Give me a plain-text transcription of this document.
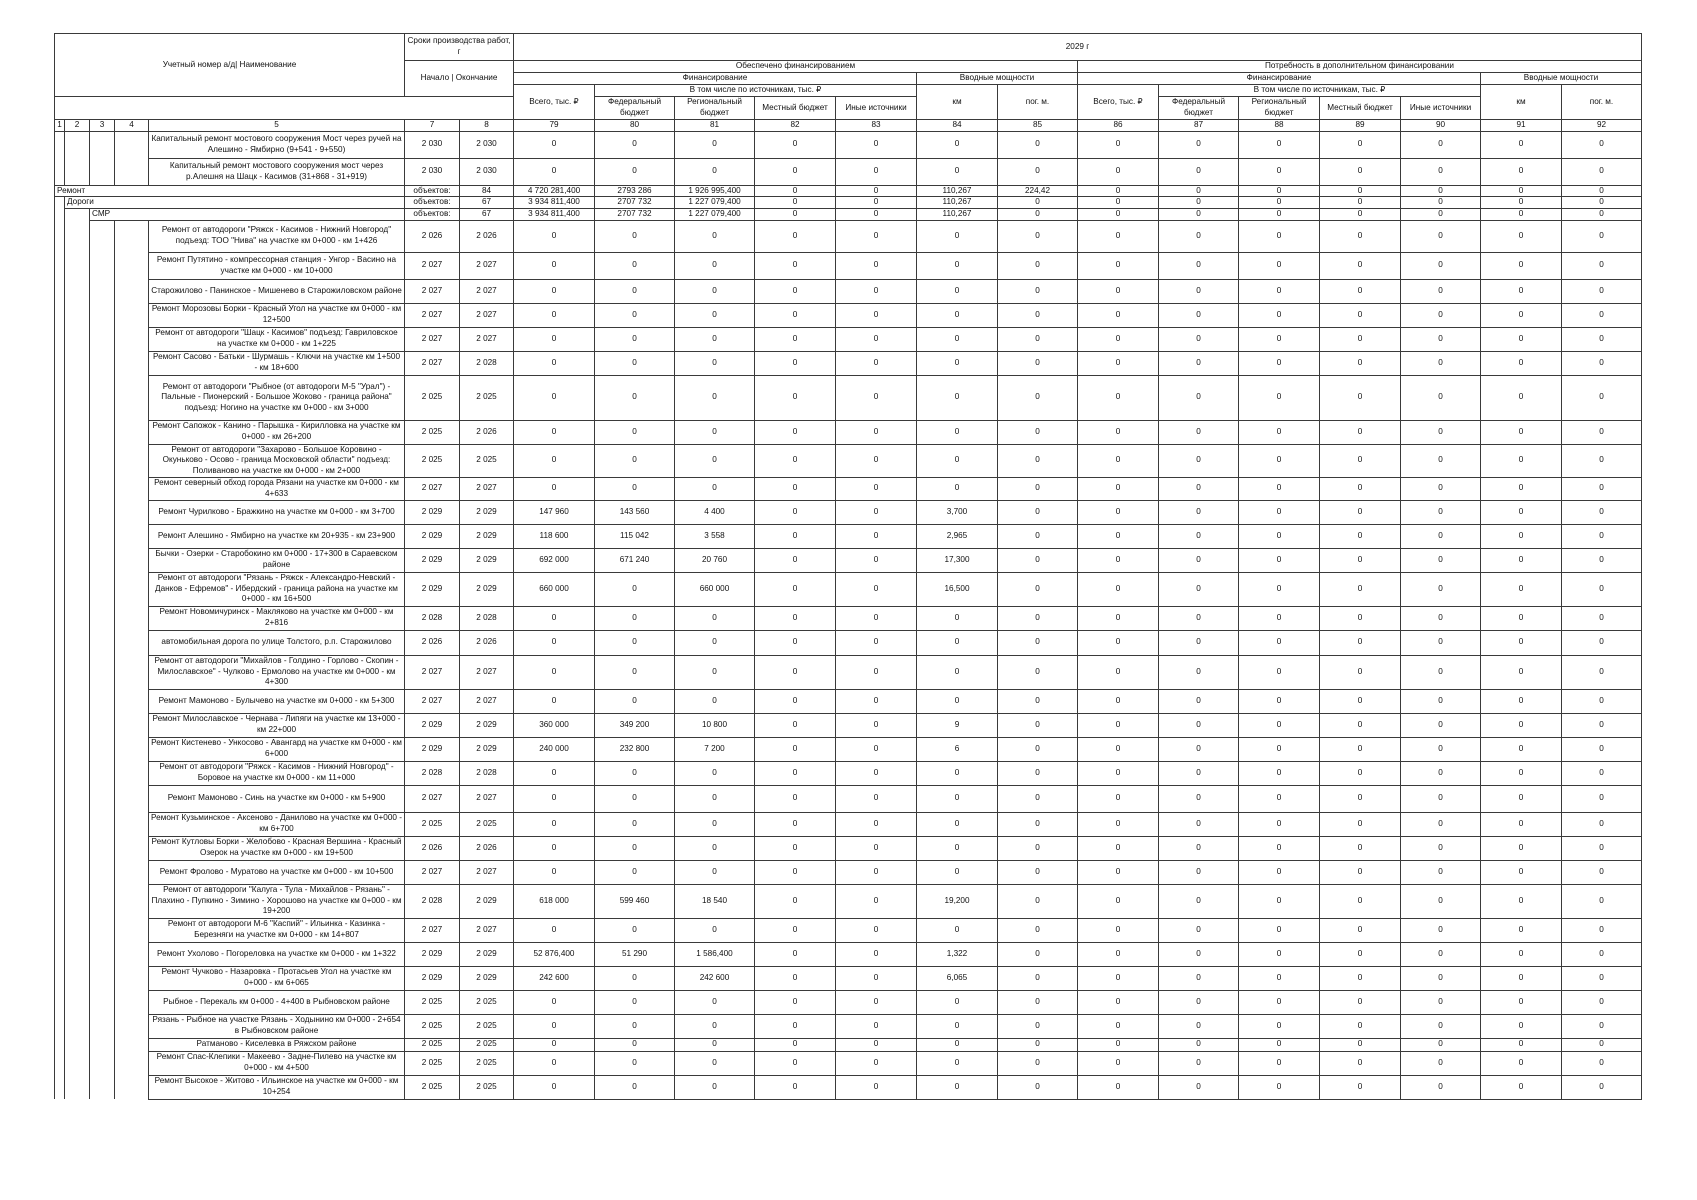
Учетный номер а/д| Наименование					Сроки производства работ, г		2029 г													
					Начало | Окончание		Обеспечено финансированием							Потребность в дополнительном финансировании						
							Финансирование					Вводные мощности		Финансирование					Вводные мощности	
							Всего, тыс. ₽	В том числе по источникам, тыс. ₽				км	пог. м.	Всего, тыс. ₽	В том числе по источникам, тыс. ₽				км	пог. м.
								Федеральный бюджет	Региональный бюджет	Местный бюджет	Иные источники				Федеральный бюджет	Региональный бюджет	Местный бюджет	Иные источники		
1	2	3	4	5	7	8	79	80	81	82	83	84	85	86	87	88	89	90	91	92
				Капитальный ремонт мостового сооружения Мост через ручей на Алешино - Ямбирно (9+541 - 9+550)	2 030	2 030	0	0	0	0	0	0	0	0	0	0	0	0	0	0
				Капитальный ремонт мостового сооружения мост через р.Алешня на Шацк - Касимов (31+868 - 31+919)	2 030	2 030	0	0	0	0	0	0	0	0	0	0	0	0	0	0
Ремонт					объектов:	84	4 720 281,400	2793 286	1 926 995,400	0	0	110,267	224,42	0	0	0	0	0	0	0
	Дороги				объектов:	67	3 934 811,400	2707 732	1 227 079,400	0	0	110,267	0	0	0	0	0	0	0	0
		СМР			объектов:	67	3 934 811,400	2707 732	1 227 079,400	0	0	110,267	0	0	0	0	0	0	0	0
				Ремонт от автодороги "Ряжск - Касимов - Нижний Новгород" подъезд: ТОО "Нива" на участке км 0+000 - км 1+426	2 026	2 026	0	0	0	0	0	0	0	0	0	0	0	0	0	0
				Ремонт Путятино - компрессорная станция - Унгор - Васино на участке км 0+000 - км 10+000	2 027	2 027	0	0	0	0	0	0	0	0	0	0	0	0	0	0
				Старожилово - Панинское - Мишенево в Старожиловском районе	2 027	2 027	0	0	0	0	0	0	0	0	0	0	0	0	0	0
				Ремонт Морозовы Борки - Красный Угол на участке км 0+000 - км 12+500	2 027	2 027	0	0	0	0	0	0	0	0	0	0	0	0	0	0
				Ремонт от автодороги "Шацк - Касимов" подъезд: Гавриловское на участке км 0+000 - км 1+225	2 027	2 027	0	0	0	0	0	0	0	0	0	0	0	0	0	0
				Ремонт Сасово - Батьки - Шурмашь - Ключи на участке км 1+500 - км 18+600	2 027	2 028	0	0	0	0	0	0	0	0	0	0	0	0	0	0
				Ремонт от автодороги "Рыбное (от автодороги М-5 "Урал") - Пальные - Пионерский - Большое Жоково - граница района" подъезд: Ногино на участке км 0+000 - км 3+000	2 025	2 025	0	0	0	0	0	0	0	0	0	0	0	0	0	0
				Ремонт Сапожок - Канино - Парышка - Кирилловка на участке км 0+000 - км 26+200	2 025	2 026	0	0	0	0	0	0	0	0	0	0	0	0	0	0
				Ремонт от автодороги "Захарово - Большое Коровино - Окуньково - Осово - граница Московской области" подъезд: Поливаново на участке км 0+000 - км 2+000	2 025	2 025	0	0	0	0	0	0	0	0	0	0	0	0	0	0
				Ремонт северный обход города Рязани на участке км 0+000 - км 4+633	2 027	2 027	0	0	0	0	0	0	0	0	0	0	0	0	0	0
				Ремонт Чурилково - Бражкино на участке км 0+000 - км 3+700	2 029	2 029	147 960	143 560	4 400	0	0	3,700	0	0	0	0	0	0	0	0
				Ремонт Алешино - Ямбирно на участке км 20+935 - км 23+900	2 029	2 029	118 600	115 042	3 558	0	0	2,965	0	0	0	0	0	0	0	0
				Бычки - Озерки - Старобокино км 0+000 - 17+300 в Сараевском районе	2 029	2 029	692 000	671 240	20 760	0	0	17,300	0	0	0	0	0	0	0	0
				Ремонт от автодороги "Рязань - Ряжск - Александро-Невский - Данков - Ефремов" - Ибердский - граница района на участке км 0+000 - км 16+500	2 029	2 029	660 000	0	660 000	0	0	16,500	0	0	0	0	0	0	0	0
				Ремонт Новомичуринск - Макляково на участке км 0+000 - км 2+816	2 028	2 028	0	0	0	0	0	0	0	0	0	0	0	0	0	0
				автомобильная дорога по улице Толстого, р.п. Старожилово	2 026	2 026	0	0	0	0	0	0	0	0	0	0	0	0	0	0
				Ремонт от автодороги "Михайлов - Голдино - Горлово - Скопин - Милославское" - Чулково - Ермолово на участке км 0+000 - км 4+300	2 027	2 027	0	0	0	0	0	0	0	0	0	0	0	0	0	0
				Ремонт Мамоново - Булычево на участке км 0+000 - км 5+300	2 027	2 027	0	0	0	0	0	0	0	0	0	0	0	0	0	0
				Ремонт Милославское - Чернава - Липяги на участке км 13+000 - км 22+000	2 029	2 029	360 000	349 200	10 800	0	0	9	0	0	0	0	0	0	0	0
				Ремонт Кистенево - Ункосово - Авангард на участке км 0+000 - км 6+000	2 029	2 029	240 000	232 800	7 200	0	0	6	0	0	0	0	0	0	0	0
				Ремонт от автодороги "Ряжск - Касимов - Нижний Новгород" - Боровое на участке км 0+000 - км 11+000	2 028	2 028	0	0	0	0	0	0	0	0	0	0	0	0	0	0
				Ремонт Мамоново - Синь на участке км 0+000 - км 5+900	2 027	2 027	0	0	0	0	0	0	0	0	0	0	0	0	0	0
				Ремонт Кузьминское - Аксеново - Данилово на участке км 0+000 - км 6+700	2 025	2 025	0	0	0	0	0	0	0	0	0	0	0	0	0	0
				Ремонт Кутловы Борки - Желобово - Красная Вершина - Красный Озерок на участке км 0+000 - км 19+500	2 026	2 026	0	0	0	0	0	0	0	0	0	0	0	0	0	0
				Ремонт Фролово - Муратово на участке км 0+000 - км 10+500	2 027	2 027	0	0	0	0	0	0	0	0	0	0	0	0	0	0
				Ремонт от автодороги "Калуга - Тула - Михайлов - Рязань" - Плахино - Пупкино - Зимино - Хорошово на участке км 0+000 - км 19+200	2 028	2 029	618 000	599 460	18 540	0	0	19,200	0	0	0	0	0	0	0	0
				Ремонт от автодороги М-6 "Каспий" - Ильинка - Казинка - Березняги на участке км 0+000 - км 14+807	2 027	2 027	0	0	0	0	0	0	0	0	0	0	0	0	0	0
				Ремонт Ухолово - Погореловка на участке км 0+000 - км 1+322	2 029	2 029	52 876,400	51 290	1 586,400	0	0	1,322	0	0	0	0	0	0	0	0
				Ремонт Чучково - Назаровка - Протасьев Угол на участке км 0+000 - км 6+065	2 029	2 029	242 600	0	242 600	0	0	6,065	0	0	0	0	0	0	0	0
				Рыбное - Перекаль км 0+000 - 4+400 в Рыбновском районе	2 025	2 025	0	0	0	0	0	0	0	0	0	0	0	0	0	0
				Рязань - Рыбное на участке Рязань - Ходынино км 0+000 - 2+654 в Рыбновском районе	2 025	2 025	0	0	0	0	0	0	0	0	0	0	0	0	0	0
				Ратманово - Киселевка в Ряжском районе	2 025	2 025	0	0	0	0	0	0	0	0	0	0	0	0	0	0
				Ремонт Спас-Клепики - Макеево - Задне-Пилево на участке км 0+000 - км 4+500	2 025	2 025	0	0	0	0	0	0	0	0	0	0	0	0	0	0
				Ремонт Высокое - Житово - Ильинское на участке км 0+000 - км 10+254	2 025	2 025	0	0	0	0	0	0	0	0	0	0	0	0	0	0
